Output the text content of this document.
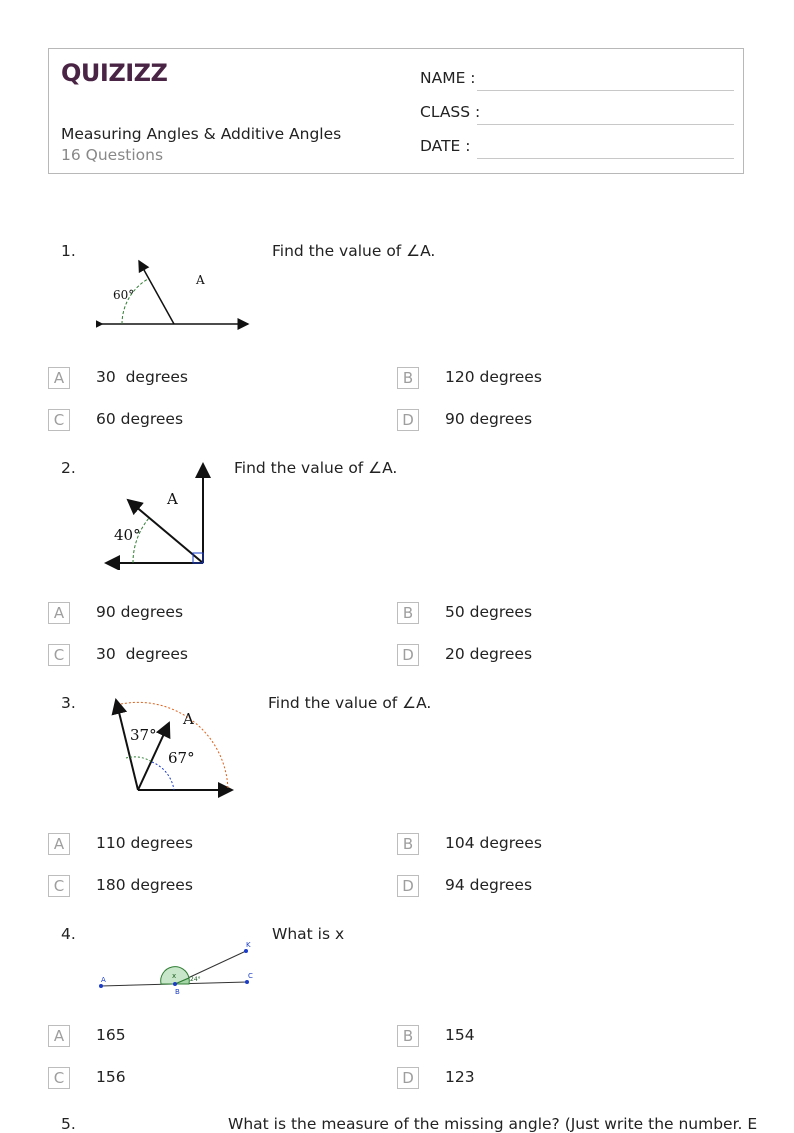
QUIZIZZ
Measuring Angles & Additive Angles
16 Questions
NAME :
CLASS :
DATE :
1.
60°
A
Find the value of ∠A.
A	30  degrees	B	120 degrees
C	60 degrees	D	90 degrees
2.
40°
A
Find the value of ∠A.
A	90 degrees	B	50 degrees
C	30  degrees	D	20 degrees
3.
37°
67°
A
Find the value of ∠A.
A	110 degrees	B	104 degrees
C	180 degrees	D	94 degrees
4.
A
B
C
K
x 24°
What is x
A	165	B	154
C	156	D	123
5.	What is the measure of the missing angle? (Just write the number. E
